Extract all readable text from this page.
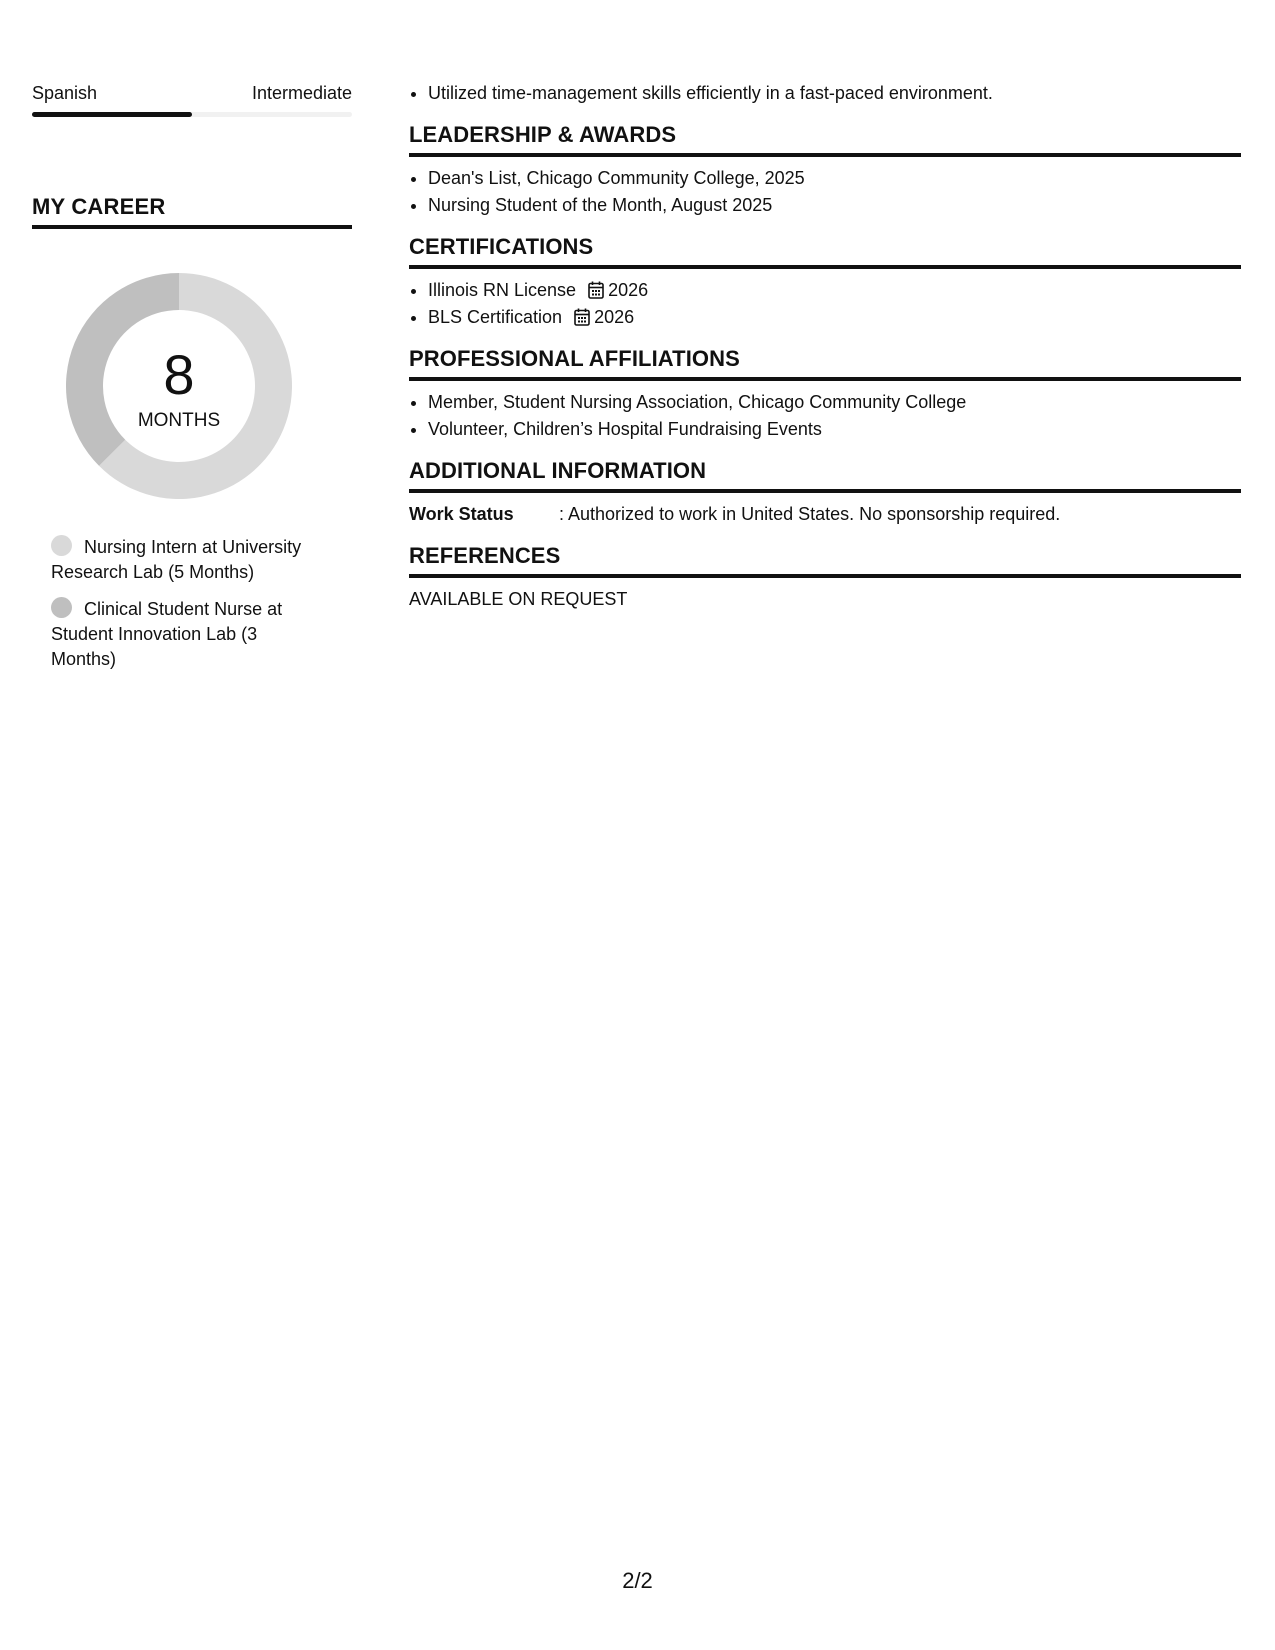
Spanish	Intermediate
MY CAREER
8
MONTHS
Nursing Intern at University Research Lab (5 Months)
Clinical Student Nurse at Student Innovation Lab (3 Months)
• Utilized time-management skills efficiently in a fast-paced environment.
LEADERSHIP & AWARDS
• Dean's List, Chicago Community College, 2025
• Nursing Student of the Month, August 2025
CERTIFICATIONS
• Illinois RN License 2026
• BLS Certification 2026
PROFESSIONAL AFFILIATIONS
• Member, Student Nursing Association, Chicago Community College
• Volunteer, Children’s Hospital Fundraising Events
ADDITIONAL INFORMATION
Work Status	: Authorized to work in United States. No sponsorship required.
REFERENCES
AVAILABLE ON REQUEST
2/2
